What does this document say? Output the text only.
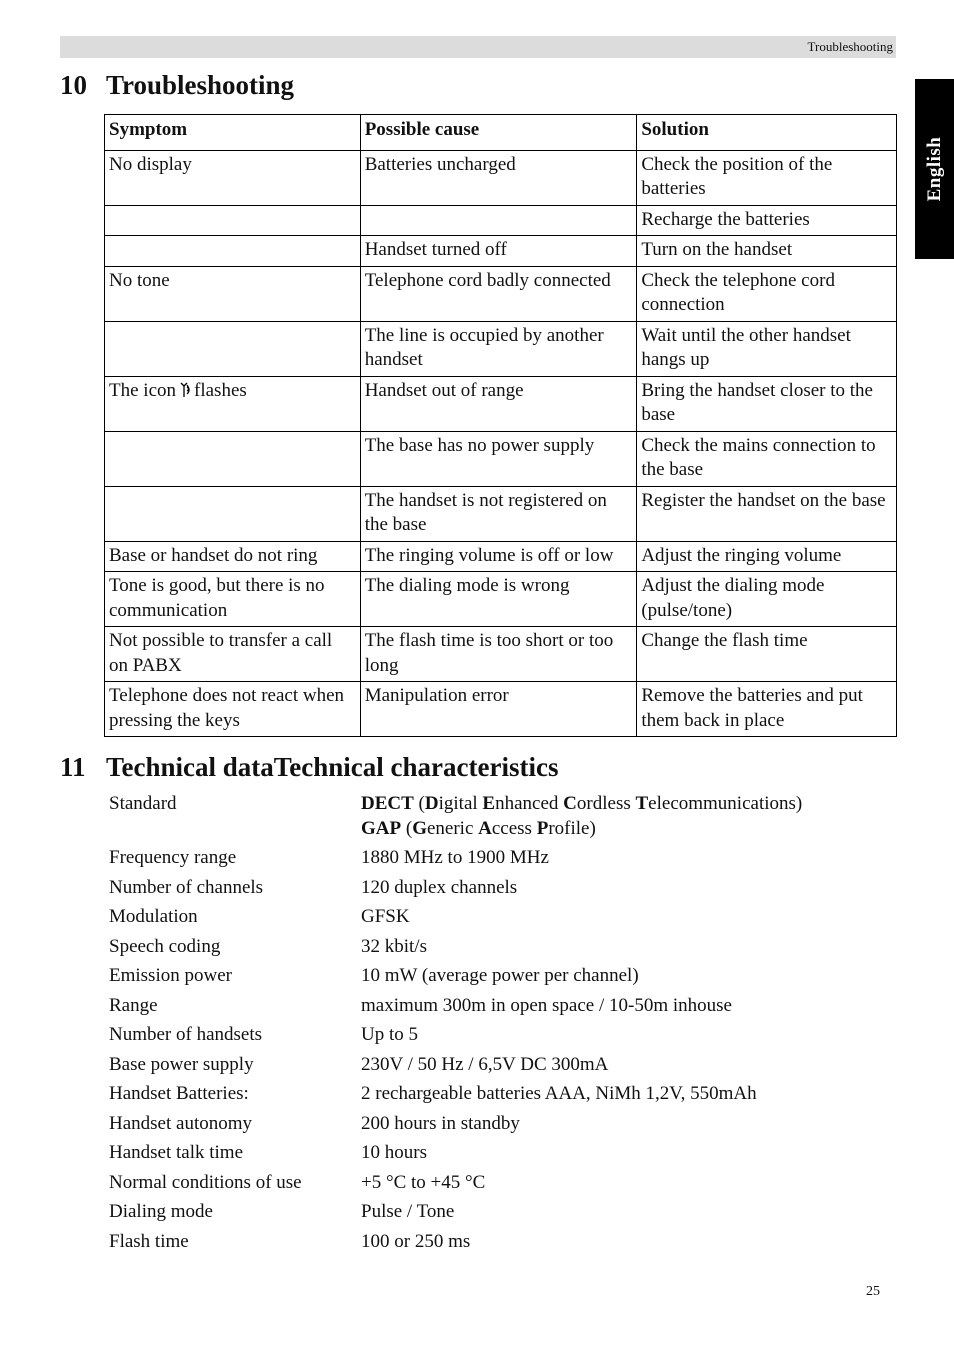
Troubleshooting
English
10 Troubleshooting
Symptom	Possible cause	Solution
No display	Batteries uncharged	Check the position of the batteries
		Recharge the batteries
	Handset turned off	Turn on the handset
No tone	Telephone cord badly connected	Check the telephone cord connection
	The line is occupied by another handset	Wait until the other handset hangs up
The icon flashes	Handset out of range	Bring the handset closer to the base
	The base has no power supply	Check the mains connection to the base
	The handset is not registered on the base	Register the handset on the base
Base or handset do not ring	The ringing volume is off or low	Adjust the ringing volume
Tone is good, but there is no communication	The dialing mode is wrong	Adjust the dialing mode (pulse/tone)
Not possible to transfer a call on PABX	The flash time is too short or too long	Change the flash time
Telephone does not react when pressing the keys	Manipulation error	Remove the batteries and put them back in place
11 Technical dataTechnical characteristics
Standard	DECT (Digital Enhanced Cordless Telecommunications)
GAP (Generic Access Profile)
Frequency range	1880 MHz to 1900 MHz
Number of channels	120 duplex channels
Modulation	GFSK
Speech coding	32 kbit/s
Emission power	10 mW (average power per channel)
Range	maximum 300m in open space / 10-50m inhouse
Number of handsets	Up to 5
Base power supply	230V / 50 Hz / 6,5V DC 300mA
Handset Batteries:	2 rechargeable batteries AAA, NiMh 1,2V, 550mAh
Handset autonomy	200 hours in standby
Handset talk time	10 hours
Normal conditions of use	+5 °C to +45 °C
Dialing mode	Pulse / Tone
Flash time	100 or 250 ms
25
